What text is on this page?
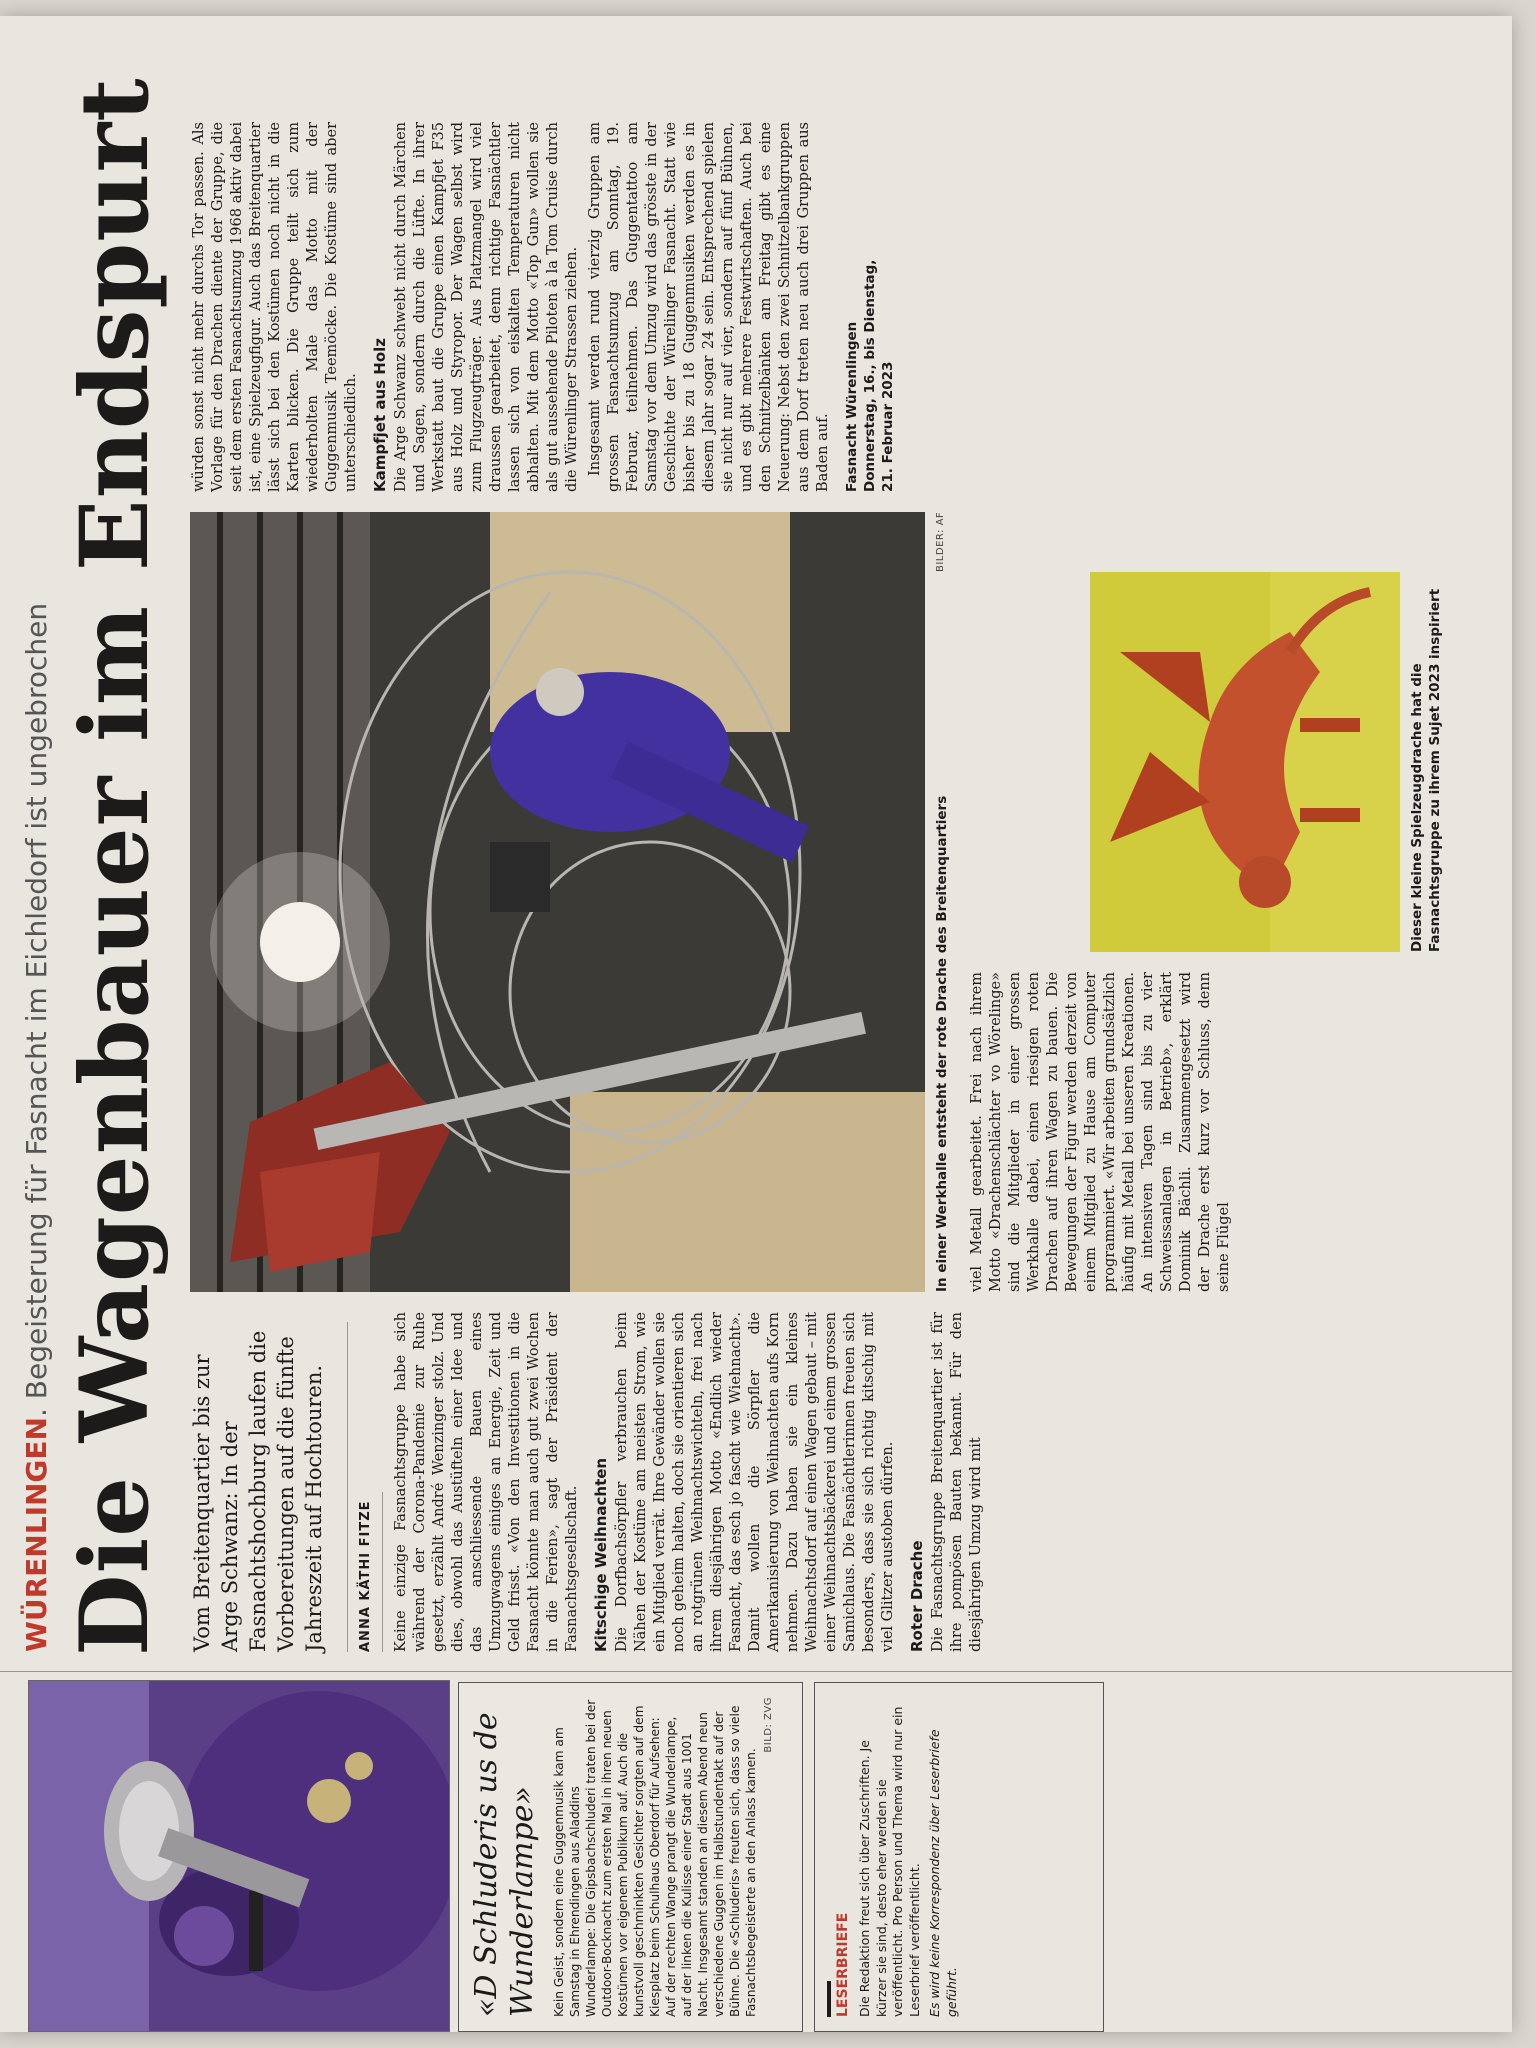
«D Schluderis us de Wunderlampe» Kein Geist, sondern eine Guggenmusik kam am Samstag in Ehrendingen aus Aladdins Wunderlampe: Die Gipsbachschluderi traten bei der Outdoor-Bocknacht zum ersten Mal in ihren neuen Kostümen vor eigenem Publikum auf. Auch die kunstvoll geschminkten Gesichter sorgten auf dem Kiesplatz beim Schulhaus Oberdorf für Aufsehen: Auf der rechten Wange prangt die Wunderlampe, auf der linken die Kulisse einer Stadt aus 1001 Nacht. Insgesamt standen an diesem Abend neun verschiedene Guggen im Halbstundentakt auf der Bühne. Die «Schluderis» freuten sich, dass so viele Fasnachtsbegeisterte an den Anlass kamen.

BILD: ZVG
LESERBRIEFE Die Redaktion freut sich über Zuschriften. Je kürzer sie sind, desto eher werden sie veröffentlicht. Pro Person und Thema wird nur ein Leserbrief veröffentlicht. Es wird keine Korrespondenz über Leserbriefe geführt.

WÜRENLINGEN. Begeisterung für Fasnacht im Eichledorf ist ungebrochen Die Wagenbauer im Endspurt Vom Breitenquartier bis zur Arge Schwanz: In der Fasnachtshochburg laufen die Vorbereitungen auf die fünfte Jahreszeit auf Hochtouren. ANNA KÄTHI FITZE Keine einzige Fasnachtsgruppe habe sich während der Corona-Pandemie zur Ruhe gesetzt, erzählt André Wenzinger stolz. Und dies, obwohl das Austüfteln einer Idee und das anschliessende Bauen eines Umzugwagens einiges an Energie, Zeit und Geld frisst. «Von den Investitionen in die Fasnacht könnte man auch gut zwei Wochen in die Ferien», sagt der Präsident der Fasnachtsgesellschaft. Kitschige Weihnachten Die Dorfbachsörpfler verbrauchen beim Nähen der Kostüme am meisten Strom, wie ein Mitglied verrät. Ihre Gewänder wollen sie noch geheim halten, doch sie orientieren sich an rotgrünen Weihnachtswichteln, frei nach ihrem diesjährigen Motto «Endlich wieder Fasnacht, das esch jo fascht wie Wiehnacht». Damit wollen die Sörpfler die Amerikanisierung von Weihnachten aufs Korn nehmen. Dazu haben sie ein kleines Weihnachtsdorf auf einen Wagen gebaut – mit einer Weihnachtsbäckerei und einem grossen Samichlaus. Die Fasnächtlerinnen freuen sich besonders, dass sie sich richtig kitschig mit viel Glitzer austoben dürfen. Roter Drache Die Fasnachtsgruppe Breitenquartier ist für ihre pompösen Bauten bekannt. Für den diesjährigen Umzug wird mit

BILDER: AF
In einer Werkhalle entsteht der rote Drache des Breitenquartiers viel Metall gearbeitet. Frei nach ihrem Motto «Drachenschlächter vo Wörelinge» sind die Mitglieder in einer grossen Werkhalle dabei, einen riesigen roten Drachen auf ihren Wagen zu bauen. Die Bewegungen der Figur werden derzeit von einem Mitglied zu Hause am Computer programmiert. «Wir arbeiten grundsätzlich häufig mit Metall bei unseren Kreationen. An intensiven Tagen sind bis zu vier Schweissanlagen in Betrieb», erklärt Dominik Bächli. Zusammengesetzt wird der Drache erst kurz vor Schluss, denn seine Flügel

Dieser kleine Spielzeugdrache hat die Fasnachtsgruppe zu ihrem Sujet 2023 inspiriert

würden sonst nicht mehr durchs Tor passen. Als Vorlage für den Drachen diente der Gruppe, die seit dem ersten Fasnachtsumzug 1968 aktiv dabei ist, eine Spielzeugfigur. Auch das Breitenquartier lässt sich bei den Kostümen noch nicht in die Karten blicken. Die Gruppe teilt sich zum wiederholten Male das Motto mit der Guggenmusik Teemöcke. Die Kostüme sind aber unterschiedlich. Kampfjet aus Holz Die Arge Schwanz schwebt nicht durch Märchen und Sagen, sondern durch die Lüfte. In ihrer Werkstatt baut die Gruppe einen Kampfjet F35 aus Holz und Styropor. Der Wagen selbst wird zum Flugzeugträger. Aus Platzmangel wird viel draussen gearbeitet, denn richtige Fasnächtler lassen sich von eiskalten Temperaturen nicht abhalten. Mit dem Motto «Top Gun» wollen sie als gut aussehende Piloten à la Tom Cruise durch die Würenlinger Strassen ziehen. Insgesamt werden rund vierzig Gruppen am grossen Fasnachtsumzug am Sonntag, 19. Februar, teilnehmen. Das Guggentattoo am Samstag vor dem Umzug wird das grösste in der Geschichte der Würelinger Fasnacht. Statt wie bisher bis zu 18 Guggenmusiken werden es in diesem Jahr sogar 24 sein. Entsprechend spielen sie nicht nur auf vier, sondern auf fünf Bühnen, und es gibt mehrere Festwirtschaften. Auch bei den Schnitzelbänken am Freitag gibt es eine Neuerung: Nebst den zwei Schnitzelbankgruppen aus dem Dorf treten neu auch drei Gruppen aus Baden auf. Fasnacht Würenlingen Donnerstag, 16., bis Dienstag, 21. Februar 2023
